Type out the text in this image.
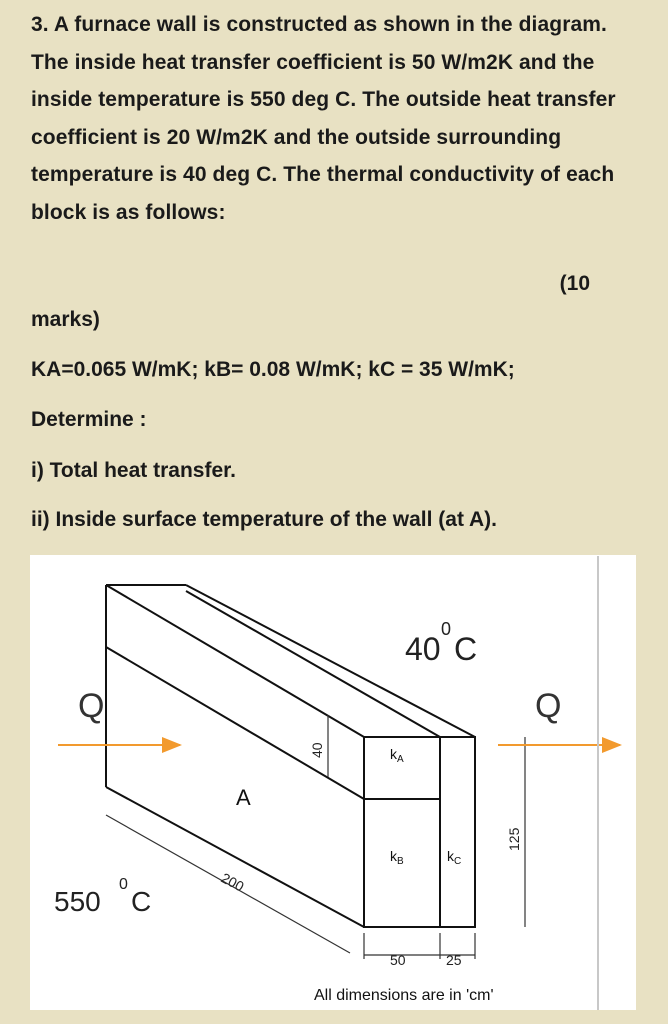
3. A furnace wall is constructed as shown in the diagram. The inside heat transfer coefficient is 50 W/m2K and the inside temperature is 550 deg C. The outside heat transfer coefficient is 20 W/m2K and the outside surrounding temperature is 40 deg C. The thermal conductivity of each block is as follows:

(10
marks)
KA=0.065 W/mK; kB= 0.08 W/mK; kC = 35 W/mK;
Determine :
i) Total heat transfer.
ii) Inside surface temperature of the wall (at A).
Q	Q
40
0
C
550
0
C
A
$k_A$
$k_B$	$k_C$
40
125
200
50	25
All dimensions are in 'cm'
